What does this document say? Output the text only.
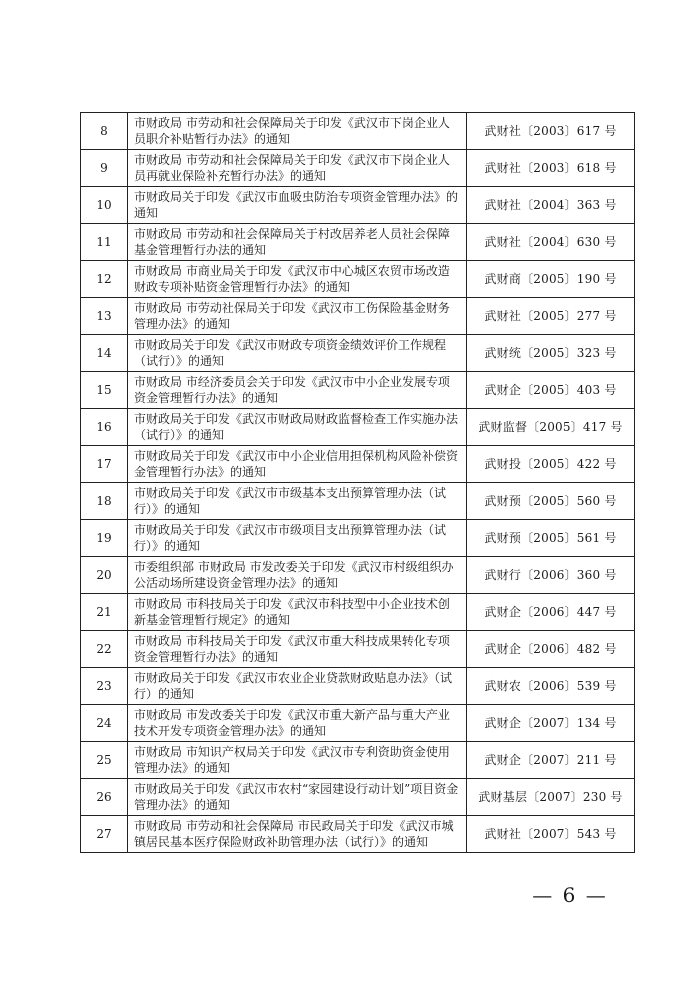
8	市财政局 市劳动和社会保障局关于印发《武汉市下岗企业人员职介补贴暂行办法》的通知	武财社〔2003〕617 号
9	市财政局 市劳动和社会保障局关于印发《武汉市下岗企业人员再就业保险补充暂行办法》的通知	武财社〔2003〕618 号
10	市财政局关于印发《武汉市血吸虫防治专项资金管理办法》的通知	武财社〔2004〕363 号
11	市财政局 市劳动和社会保障局关于村改居养老人员社会保障基金管理暂行办法的通知	武财社〔2004〕630 号
12	市财政局 市商业局关于印发《武汉市中心城区农贸市场改造财政专项补贴资金管理暂行办法》的通知	武财商〔2005〕190 号
13	市财政局 市劳动社保局关于印发《武汉市工伤保险基金财务管理办法》的通知	武财社〔2005〕277 号
14	市财政局关于印发《武汉市财政专项资金绩效评价工作规程（试行）》的通知	武财统〔2005〕323 号
15	市财政局 市经济委员会关于印发《武汉市中小企业发展专项资金管理暂行办法》的通知	武财企〔2005〕403 号
16	市财政局关于印发《武汉市财政局财政监督检查工作实施办法（试行）》的通知	武财监督〔2005〕417 号
17	市财政局关于印发《武汉市中小企业信用担保机构风险补偿资金管理暂行办法》的通知	武财投〔2005〕422 号
18	市财政局关于印发《武汉市市级基本支出预算管理办法（试行）》的通知	武财预〔2005〕560 号
19	市财政局关于印发《武汉市市级项目支出预算管理办法（试行）》的通知	武财预〔2005〕561 号
20	市委组织部 市财政局 市发改委关于印发《武汉市村级组织办公活动场所建设资金管理办法》的通知	武财行〔2006〕360 号
21	市财政局 市科技局关于印发《武汉市科技型中小企业技术创新基金管理暂行规定》的通知	武财企〔2006〕447 号
22	市财政局 市科技局关于印发《武汉市重大科技成果转化专项资金管理暂行办法》的通知	武财企〔2006〕482 号
23	市财政局关于印发《武汉市农业企业贷款财政贴息办法》（试行）的通知	武财农〔2006〕539 号
24	市财政局 市发改委关于印发《武汉市重大新产品与重大产业技术开发专项资金管理办法》的通知	武财企〔2007〕134 号
25	市财政局 市知识产权局关于印发《武汉市专利资助资金使用管理办法》的通知	武财企〔2007〕211 号
26	市财政局关于印发《武汉市农村“家园建设行动计划”项目资金管理办法》的通知	武财基层〔2007〕230 号
27	市财政局 市劳动和社会保障局 市民政局关于印发《武汉市城镇居民基本医疗保险财政补助管理办法（试行）》的通知	武财社〔2007〕543 号
— 6 —
